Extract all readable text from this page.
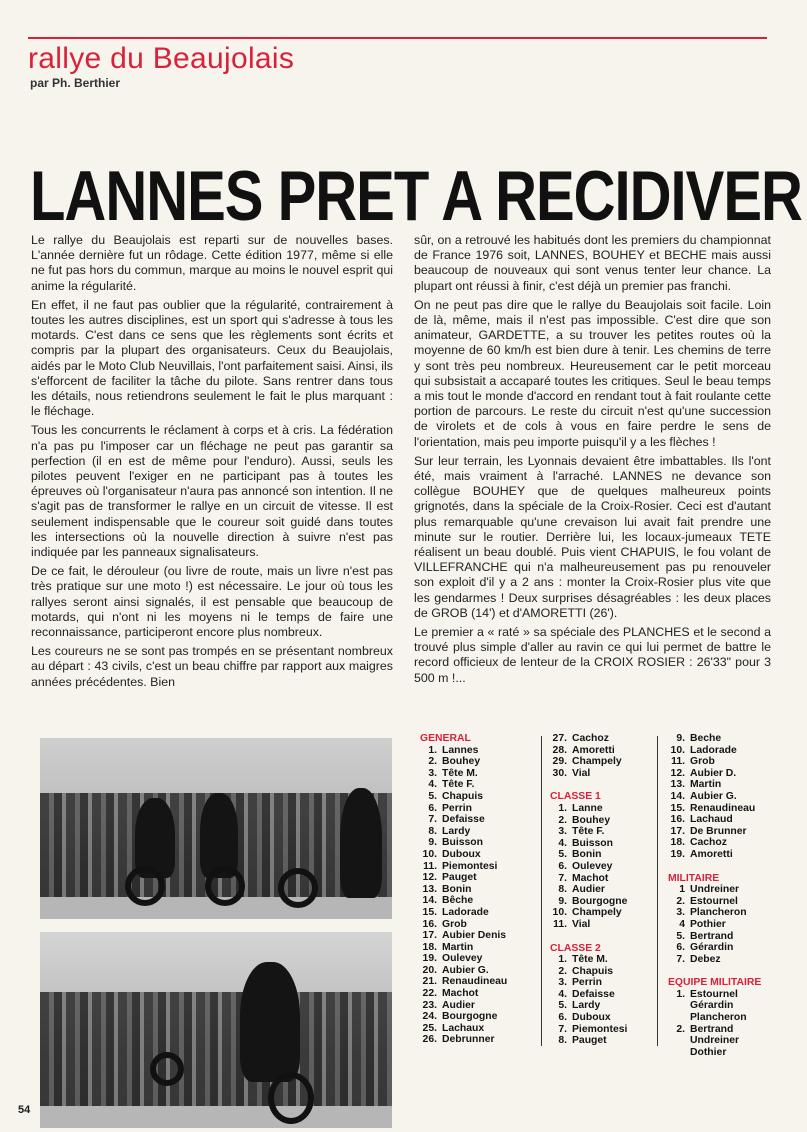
rallye du Beaujolais
par Ph. Berthier
LANNES PRET A RECIDIVER

Le rallye du Beaujolais est reparti sur de nouvelles bases. L'année dernière fut un rôdage. Cette édition 1977, même si elle ne fut pas hors du commun, marque au moins le nouvel esprit qui anime la régularité.

En effet, il ne faut pas oublier que la régularité, contrairement à toutes les autres disciplines, est un sport qui s'adresse à tous les motards. C'est dans ce sens que les règlements sont écrits et compris par la plupart des organisateurs. Ceux du Beaujolais, aidés par le Moto Club Neuvillais, l'ont parfaitement saisi. Ainsi, ils s'efforcent de faciliter la tâche du pilote. Sans rentrer dans tous les détails, nous retiendrons seulement le fait le plus marquant : le fléchage.

Tous les concurrents le réclament à corps et à cris. La fédération n'a pas pu l'imposer car un fléchage ne peut pas garantir sa perfection (il en est de même pour l'enduro). Aussi, seuls les pilotes peuvent l'exiger en ne participant pas à toutes les épreuves où l'organisateur n'aura pas annoncé son intention. Il ne s'agit pas de transformer le rallye en un circuit de vitesse. Il est seulement indispensable que le coureur soit guidé dans toutes les intersections où la nouvelle direction à suivre n'est pas indiquée par les panneaux signalisateurs.

De ce fait, le dérouleur (ou livre de route, mais un livre n'est pas très pratique sur une moto !) est nécessaire. Le jour où tous les rallyes seront ainsi signalés, il est pensable que beaucoup de motards, qui n'ont ni les moyens ni le temps de faire une reconnaissance, participeront encore plus nombreux.

Les coureurs ne se sont pas trompés en se présentant nombreux au départ : 43 civils, c'est un beau chiffre par rapport aux maigres années précédentes. Bien

sûr, on a retrouvé les habitués dont les premiers du championnat de France 1976 soit, LANNES, BOUHEY et BECHE mais aussi beaucoup de nouveaux qui sont venus tenter leur chance. La plupart ont réussi à finir, c'est déjà un premier pas franchi.

On ne peut pas dire que le rallye du Beaujolais soit facile. Loin de là, même, mais il n'est pas impossible. C'est dire que son animateur, GARDETTE, a su trouver les petites routes où la moyenne de 60 km/h est bien dure à tenir. Les chemins de terre y sont très peu nombreux. Heureusement car le petit morceau qui subsistait a accaparé toutes les critiques. Seul le beau temps a mis tout le monde d'accord en rendant tout à fait roulante cette portion de parcours. Le reste du circuit n'est qu'une succession de virolets et de cols à vous en faire perdre le sens de l'orientation, mais peu importe puisqu'il y a les flèches !

Sur leur terrain, les Lyonnais devaient être imbattables. Ils l'ont été, mais vraiment à l'arraché. LANNES ne devance son collègue BOUHEY que de quelques malheureux points grignotés, dans la spéciale de la Croix-Rosier. Ceci est d'autant plus remarquable qu'une crevaison lui avait fait prendre une minute sur le routier. Derrière lui, les locaux-jumeaux TETE réalisent un beau doublé. Puis vient CHAPUIS, le fou volant de VILLEFRANCHE qui n'a malheureusement pas pu renouveler son exploit d'il y a 2 ans : monter la Croix-Rosier plus vite que les gendarmes ! Deux surprises désagréables : les deux places de GROB (14') et d'AMORETTI (26').

Le premier a « raté » sa spéciale des PLANCHES et le second a trouvé plus simple d'aller au ravin ce qui lui permet de battre le record officieux de lenteur de la CROIX ROSIER : 26'33" pour 3 500 m !...

GENERAL
1. Lannes
2. Bouhey
3. Tête M.
4. Tête F.
5. Chapuis
6. Perrin
7. Defaisse
8. Lardy
9. Buisson
10. Duboux
11. Piemontesi
12. Pauget
13. Bonin
14. Bêche
15. Ladorade
16. Grob
17. Aubier Denis
18. Martin
19. Oulevey
20. Aubier G.
21. Renaudineau
22. Machot
23. Audier
24. Bourgogne
25. Lachaux
26. Debrunner
27. Cachoz
28. Amoretti
29. Champely
30. Vial
CLASSE 1
1. Lanne
2. Bouhey
3. Tête F.
4. Buisson
5. Bonin
6. Oulevey
7. Machot
8. Audier
9. Bourgogne
10. Champely
11. Vial
CLASSE 2
1. Tête M.
2. Chapuis
3. Perrin
4. Defaisse
5. Lardy
6. Duboux
7. Piemontesi
8. Pauget
9. Beche
10. Ladorade
11. Grob
12. Aubier D.
13. Martin
14. Aubier G.
15. Renaudineau
16. Lachaud
17. De Brunner
18. Cachoz
19. Amoretti
MILITAIRE
1 Undreiner
2. Estournel
3. Plancheron
4 Pothier
5. Bertrand
6. Gérardin
7. Debez
EQUIPE MILITAIRE
1. Estournel
Gérardin
Plancheron
2. Bertrand
Undreiner
Dothier
54
